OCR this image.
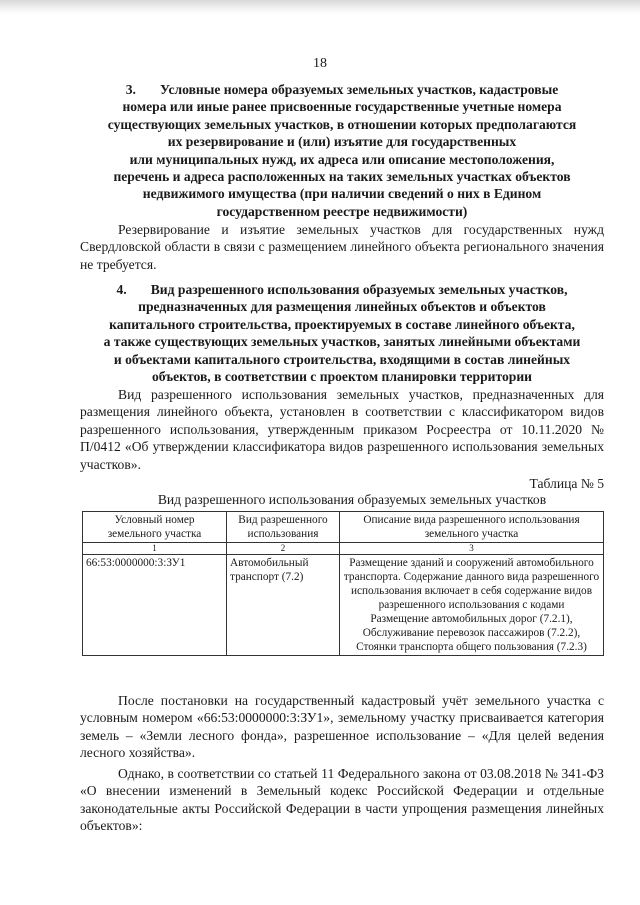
18
3. Условные номера образуемых земельных участков, кадастровые
номера или иные ранее присвоенные государственные учетные номера
существующих земельных участков, в отношении которых предполагаются
их резервирование и (или) изъятие для государственных
или муниципальных нужд, их адреса или описание местоположения,
перечень и адреса расположенных на таких земельных участках объектов
недвижимого имущества (при наличии сведений о них в Едином
государственном реестре недвижимости)
Резервирование и изъятие земельных участков для государственных нужд Свердловской области в связи с размещением линейного объекта регионального значения не требуется.
4. Вид разрешенного использования образуемых земельных участков,
предназначенных для размещения линейных объектов и объектов
капитального строительства, проектируемых в составе линейного объекта,
а также существующих земельных участков, занятых линейными объектами
и объектами капитального строительства, входящими в состав линейных
объектов, в соответствии с проектом планировки территории
Вид разрешенного использования земельных участков, предназначенных для размещения линейного объекта, установлен в соответствии с классификатором видов разрешенного использования, утвержденным приказом Росреестра от 10.11.2020 № П/0412 «Об утверждении классификатора видов разрешенного использования земельных участков».
Таблица № 5
Вид разрешенного использования образуемых земельных участков
Условный номер земельного участка	Вид разрешенного использования	Описание вида разрешенного использования земельного участка
1	2	3
66:53:0000000:3:ЗУ1	Автомобильный транспорт (7.2)	Размещение зданий и сооружений автомобильного транспорта. Содержание данного вида разрешенного использования включает в себя содержание видов разрешенного использования с кодами
Размещение автомобильных дорог (7.2.1),
Обслуживание перевозок пассажиров (7.2.2),
Стоянки транспорта общего пользования (7.2.3)
После постановки на государственный кадастровый учёт земельного участка с условным номером «66:53:0000000:3:ЗУ1», земельному участку присваивается категория земель – «Земли лесного фонда», разрешенное использование – «Для целей ведения лесного хозяйства».
Однако, в соответствии со статьей 11 Федерального закона от 03.08.2018 № 341-ФЗ «О внесении изменений в Земельный кодекс Российской Федерации и отдельные законодательные акты Российской Федерации в части упрощения размещения линейных объектов»:
